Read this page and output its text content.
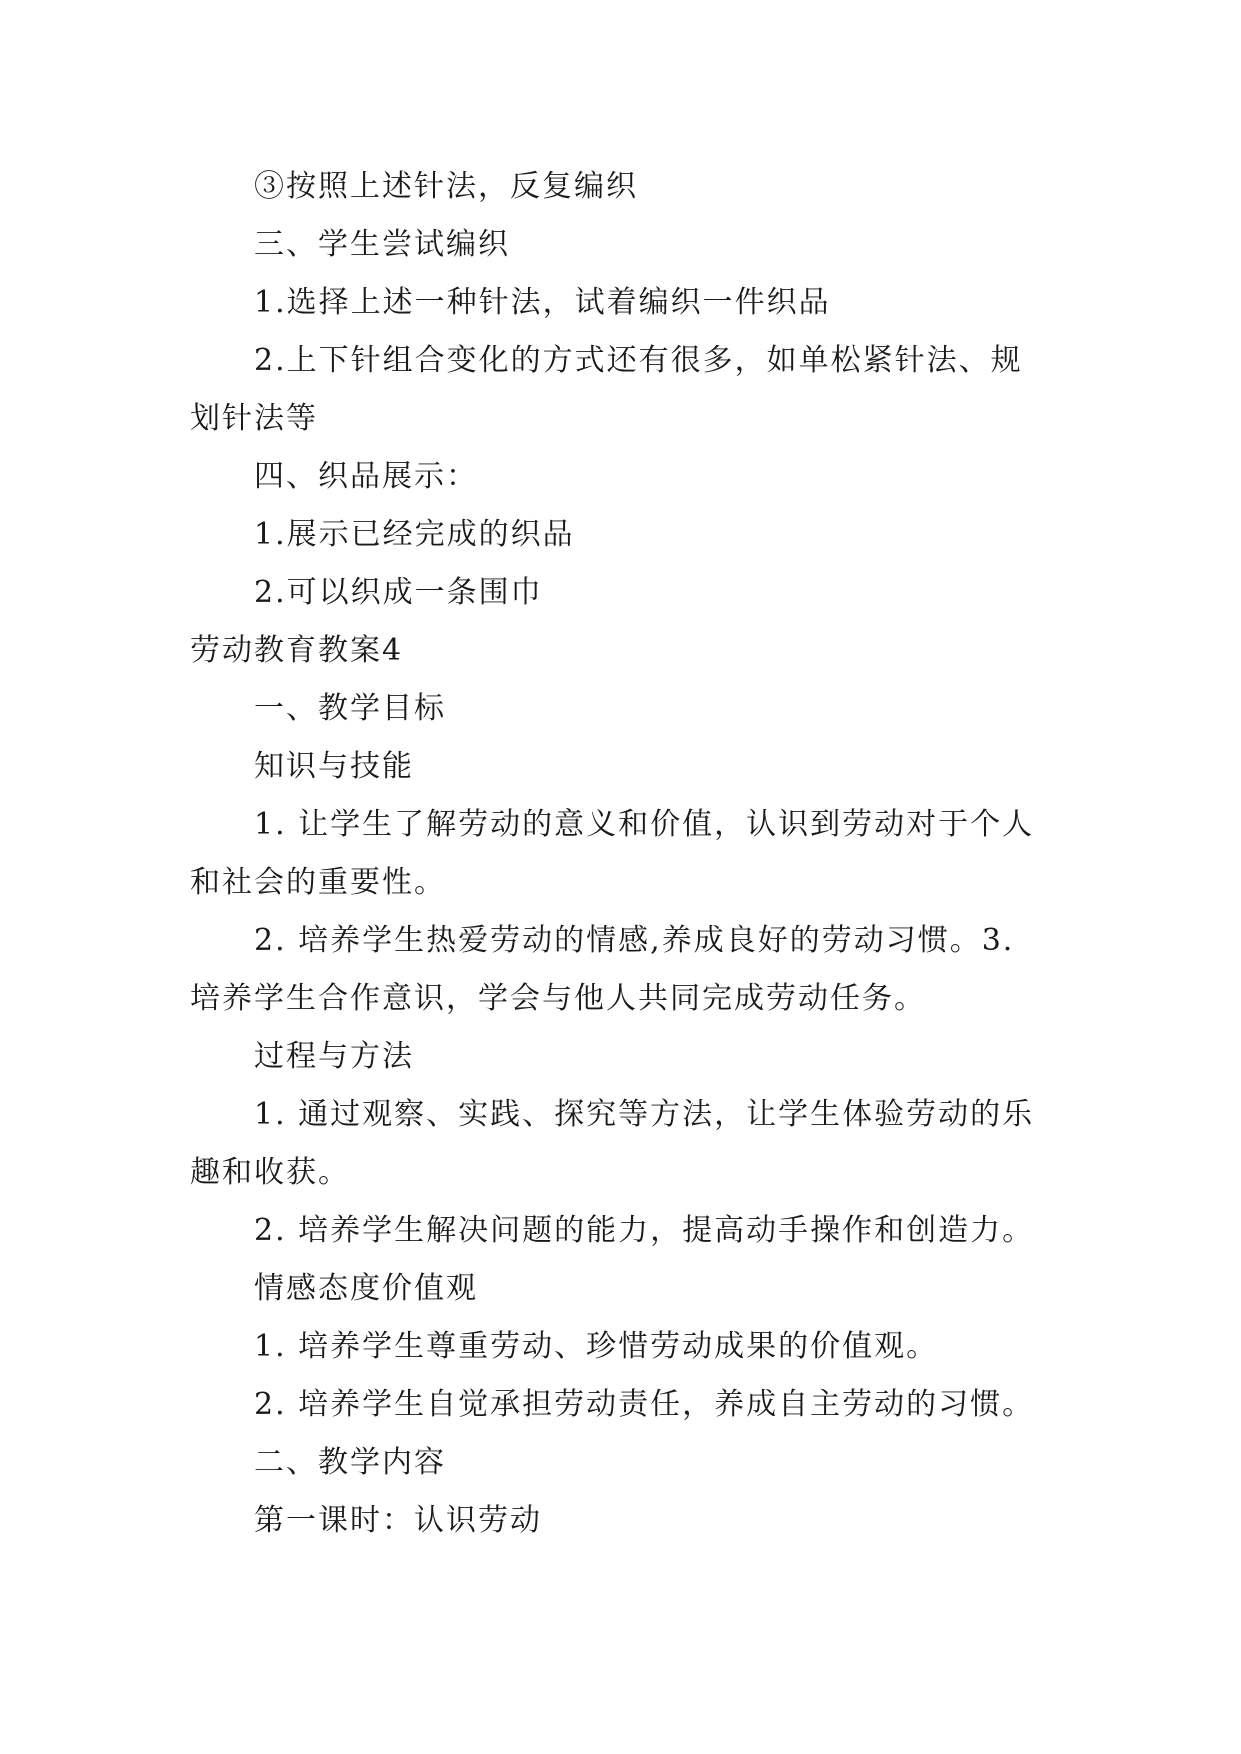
③按照上述针法，反复编织

三、学生尝试编织

1.选择上述一种针法，试着编织一件织品

2.上下针组合变化的方式还有很多，如单松紧针法、规划针法等

四、织品展示：

1.展示已经完成的织品

2.可以织成一条围巾

劳动教育教案4

一、教学目标

知识与技能

1. 让学生了解劳动的意义和价值，认识到劳动对于个人和社会的重要性。

2. 培养学生热爱劳动的情感,养成良好的劳动习惯。3. 培养学生合作意识，学会与他人共同完成劳动任务。

过程与方法

1. 通过观察、实践、探究等方法，让学生体验劳动的乐趣和收获。

2. 培养学生解决问题的能力，提高动手操作和创造力。

情感态度价值观

1. 培养学生尊重劳动、珍惜劳动成果的价值观。

2. 培养学生自觉承担劳动责任，养成自主劳动的习惯。

二、教学内容

第一课时：认识劳动
